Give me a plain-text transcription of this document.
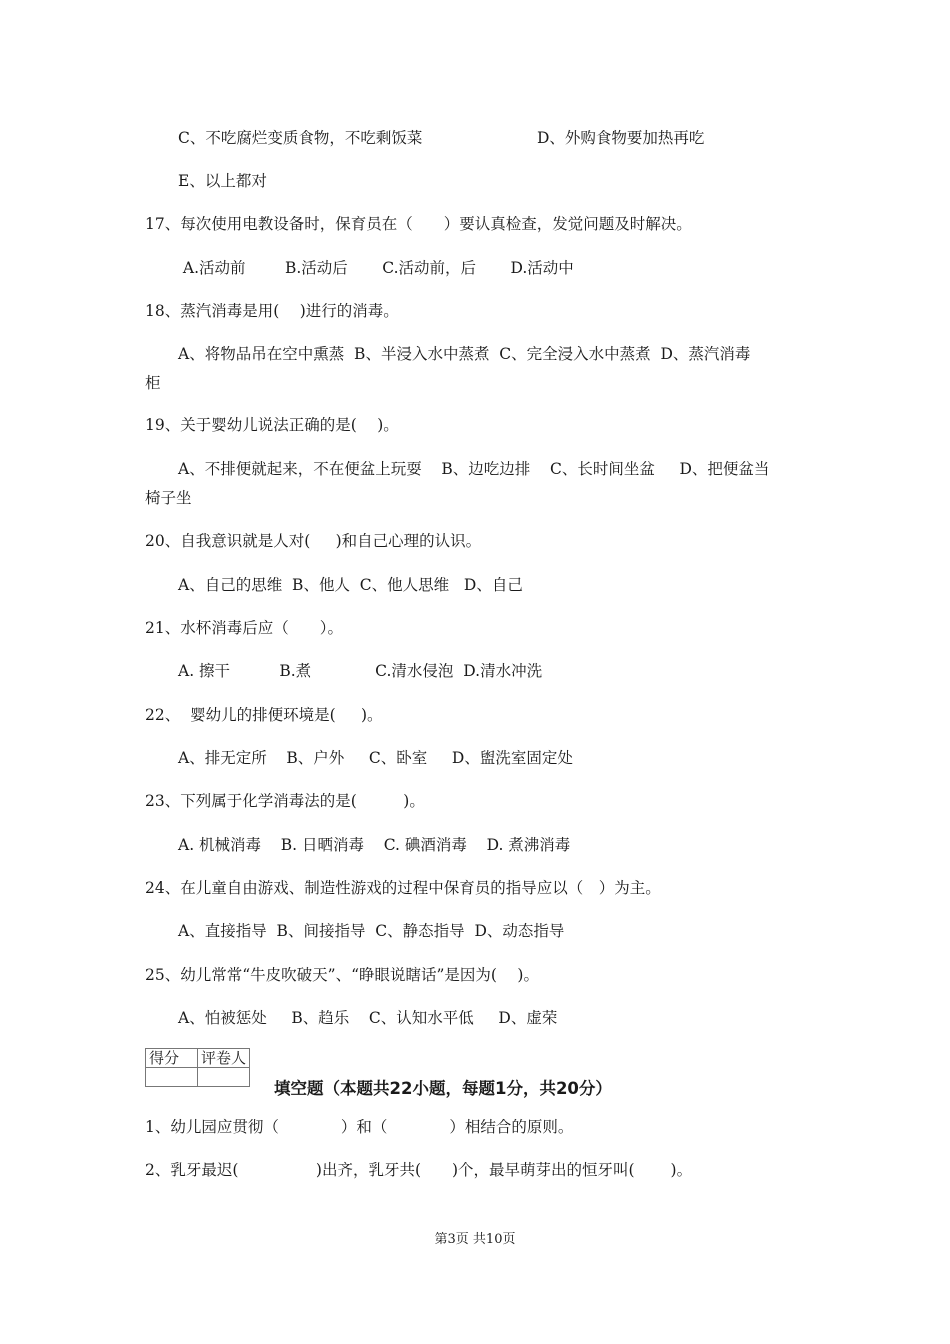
C、不吃腐烂变质食物，不吃剩饭菜	D、外购食物要加热再吃
E、以上都对
17、每次使用电教设备时，保育员在（　　）要认真检查，发觉问题及时解决。
A.活动前        B.活动后       C.活动前，后       D.活动中
18、蒸汽消毒是用(　 )进行的消毒。
A、将物品吊在空中熏蒸  B、半浸入水中蒸煮  C、完全浸入水中蒸煮  D、蒸汽消毒
柜
19、关于婴幼儿说法正确的是(　 )。
A、不排便就起来，不在便盆上玩耍    B、边吃边排    C、长时间坐盆     D、把便盆当
椅子坐
20、自我意识就是人对(　  )和自己心理的认识。
A、自己的思维  B、他人  C、他人思维   D、自己
21、水杯消毒后应（　　）。
A. 擦干          B.煮             C.清水侵泡  D.清水冲洗
22、  婴幼儿的排便环境是(　  )。
A、排无定所    B、户外     C、卧室     D、盥洗室固定处
23、下列属于化学消毒法的是(　　　)。
A. 机械消毒    B. 日晒消毒    C. 碘酒消毒    D. 煮沸消毒
24、在儿童自由游戏、制造性游戏的过程中保育员的指导应以（　）为主。
A、直接指导  B、间接指导  C、静态指导  D、动态指导
25、幼儿常常“牛皮吹破天”、“睁眼说瞎话”是因为(　 )。
A、怕被惩处     B、趋乐    C、认知水平低     D、虚荣
得分	评卷人

填空题（本题共22小题，每题1分，共20分）
1、幼儿园应贯彻（　　　　）和（　　　　）相结合的原则。
2、乳牙最迟(　　　　　)出齐，乳牙共(　　)个，最早萌芽出的恒牙叫(　　 )。
第3页 共10页
